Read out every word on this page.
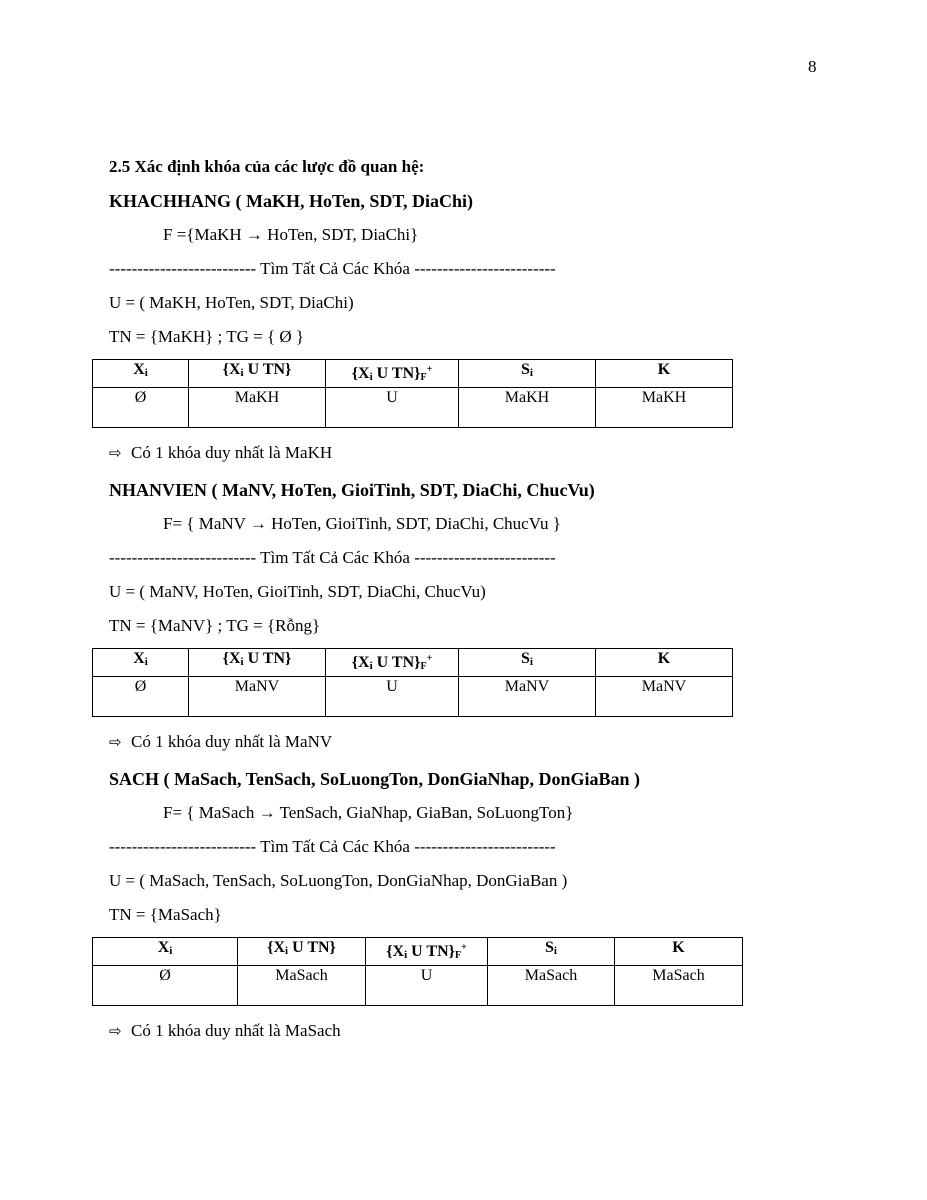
8
2.5 Xác định khóa của các lược đồ quan hệ:
KHACHHANG ( MaKH, HoTen, SDT, DiaChi)
F ={MaKH → HoTen, SDT, DiaChi}
-------------------------- Tìm Tất Cả Các Khóa -------------------------
U = ( MaKH, HoTen, SDT, DiaChi)
TN = {MaKH} ; TG = { Ø }
Xi	{Xi U TN}	{Xi U TN}F+	Si	K
Ø	MaKH	U	MaKH	MaKH
⇨ Có 1 khóa duy nhất là MaKH
NHANVIEN ( MaNV, HoTen, GioiTinh, SDT, DiaChi, ChucVu)
F= { MaNV → HoTen, GioiTinh, SDT, DiaChi, ChucVu }
-------------------------- Tìm Tất Cả Các Khóa -------------------------
U = ( MaNV, HoTen, GioiTinh, SDT, DiaChi, ChucVu)
TN = {MaNV} ; TG = {Rỗng}
Xi	{Xi U TN}	{Xi U TN}F+	Si	K
Ø	MaNV	U	MaNV	MaNV
⇨ Có 1 khóa duy nhất là MaNV
SACH ( MaSach, TenSach, SoLuongTon, DonGiaNhap, DonGiaBan )
F= { MaSach → TenSach, GiaNhap, GiaBan, SoLuongTon}
-------------------------- Tìm Tất Cả Các Khóa -------------------------
U = ( MaSach, TenSach, SoLuongTon, DonGiaNhap, DonGiaBan )
TN = {MaSach}
Xi	{Xi U TN}	{Xi U TN}F+	Si	K
Ø	MaSach	U	MaSach	MaSach
⇨ Có 1 khóa duy nhất là MaSach
